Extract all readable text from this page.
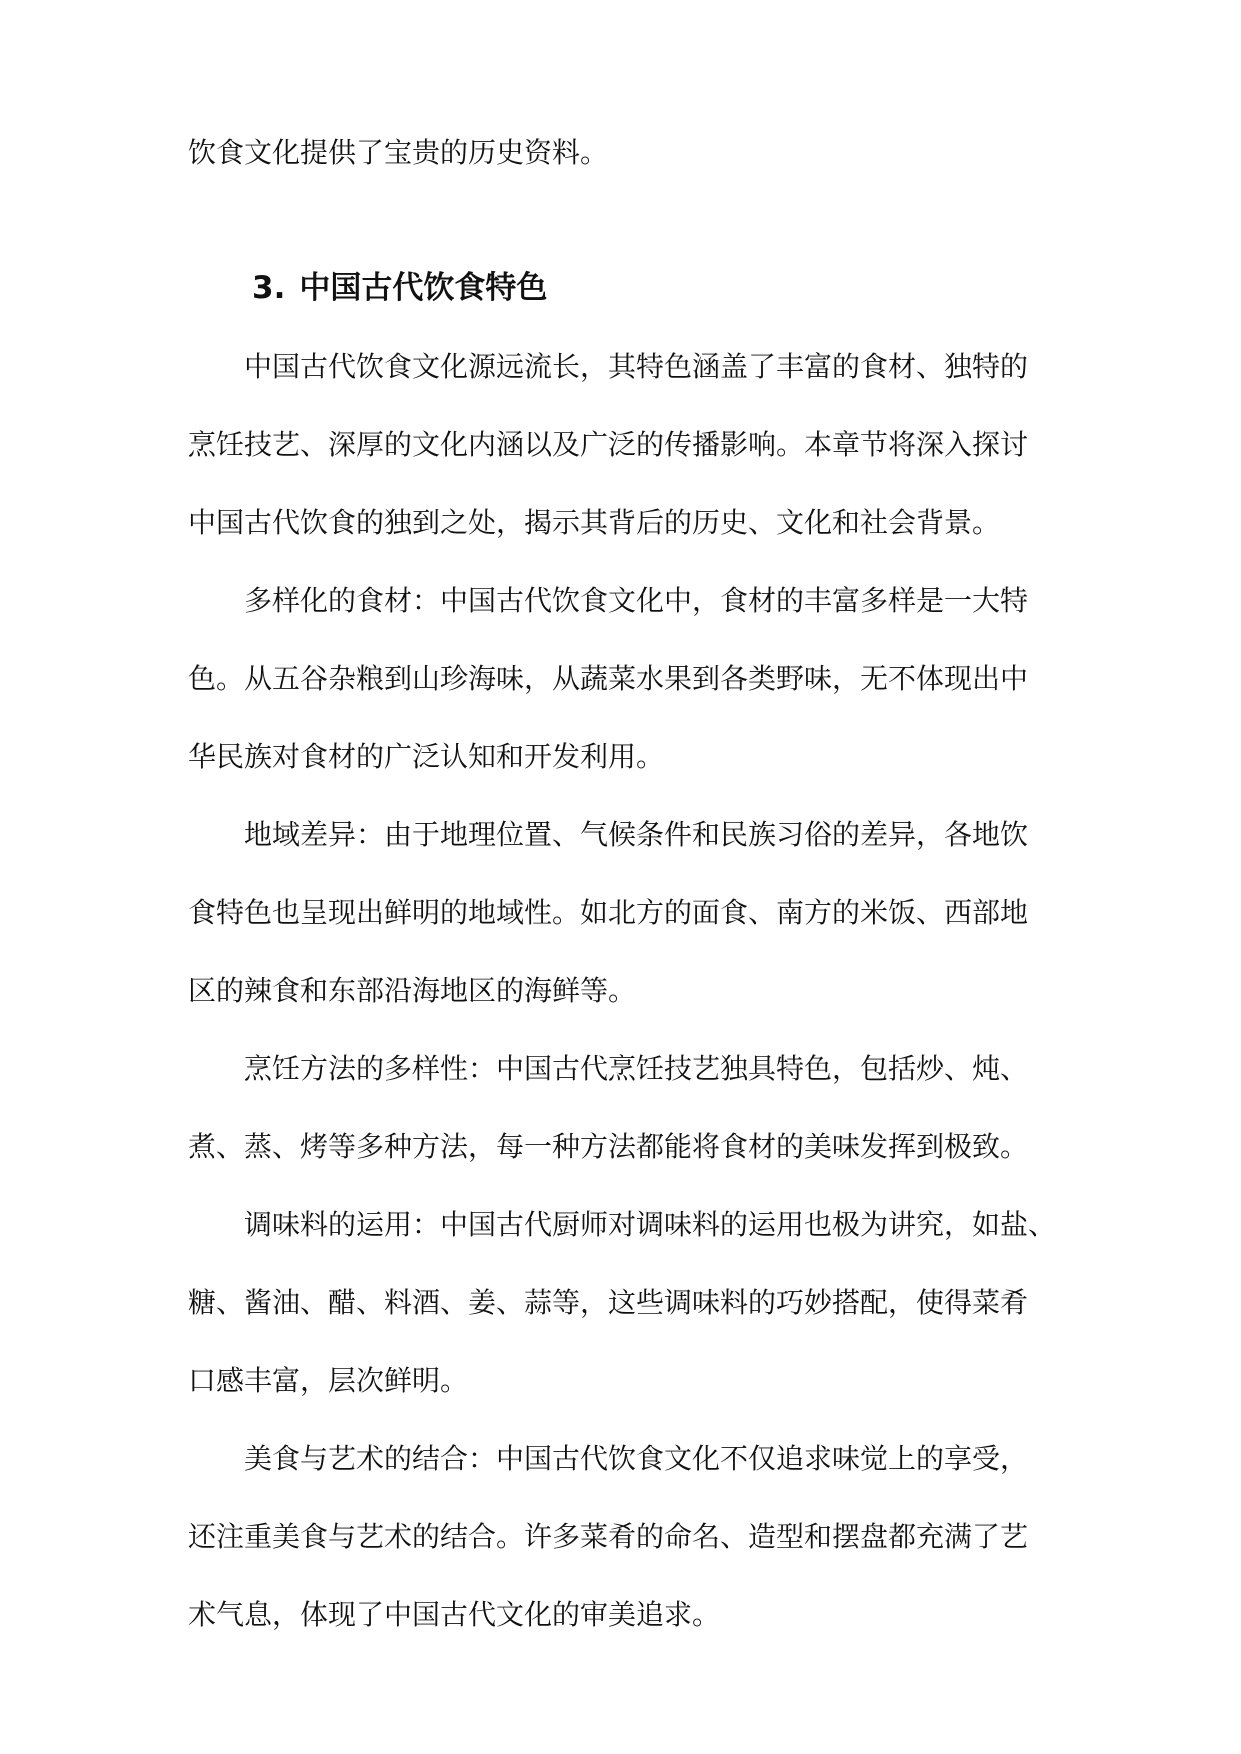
饮食文化提供了宝贵的历史资料。

3. 中国古代饮食特色

中国古代饮食文化源远流长，其特色涵盖了丰富的食材、独特的

烹饪技艺、深厚的文化内涵以及广泛的传播影响。本章节将深入探讨

中国古代饮食的独到之处，揭示其背后的历史、文化和社会背景。

多样化的食材：中国古代饮食文化中，食材的丰富多样是一大特

色。从五谷杂粮到山珍海味，从蔬菜水果到各类野味，无不体现出中

华民族对食材的广泛认知和开发利用。

地域差异：由于地理位置、气候条件和民族习俗的差异，各地饮

食特色也呈现出鲜明的地域性。如北方的面食、南方的米饭、西部地

区的辣食和东部沿海地区的海鲜等。

烹饪方法的多样性：中国古代烹饪技艺独具特色，包括炒、炖、

煮、蒸、烤等多种方法，每一种方法都能将食材的美味发挥到极致。

调味料的运用：中国古代厨师对调味料的运用也极为讲究，如盐、

糖、酱油、醋、料酒、姜、蒜等，这些调味料的巧妙搭配，使得菜肴

口感丰富，层次鲜明。

美食与艺术的结合：中国古代饮食文化不仅追求味觉上的享受，

还注重美食与艺术的结合。许多菜肴的命名、造型和摆盘都充满了艺

术气息，体现了中国古代文化的审美追求。
